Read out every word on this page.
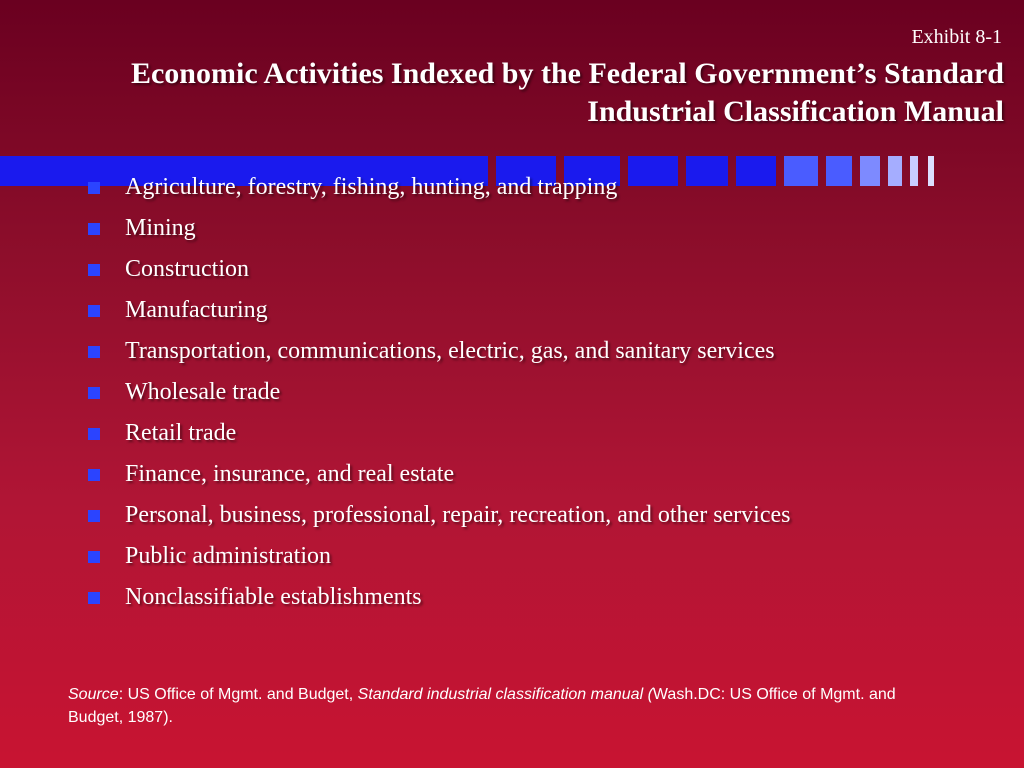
Exhibit 8-1
Economic Activities Indexed by the Federal Government’s Standard
Industrial Classification Manual
Agriculture, forestry, fishing, hunting, and trapping
Mining
Construction
Manufacturing
Transportation, communications, electric, gas, and sanitary services
Wholesale trade
Retail trade
Finance, insurance, and real estate
Personal, business, professional, repair, recreation, and other services
Public administration
Nonclassifiable establishments
Source: US Office of Mgmt. and Budget, Standard industrial classification manual (Wash.DC: US Office of Mgmt. and Budget, 1987).
